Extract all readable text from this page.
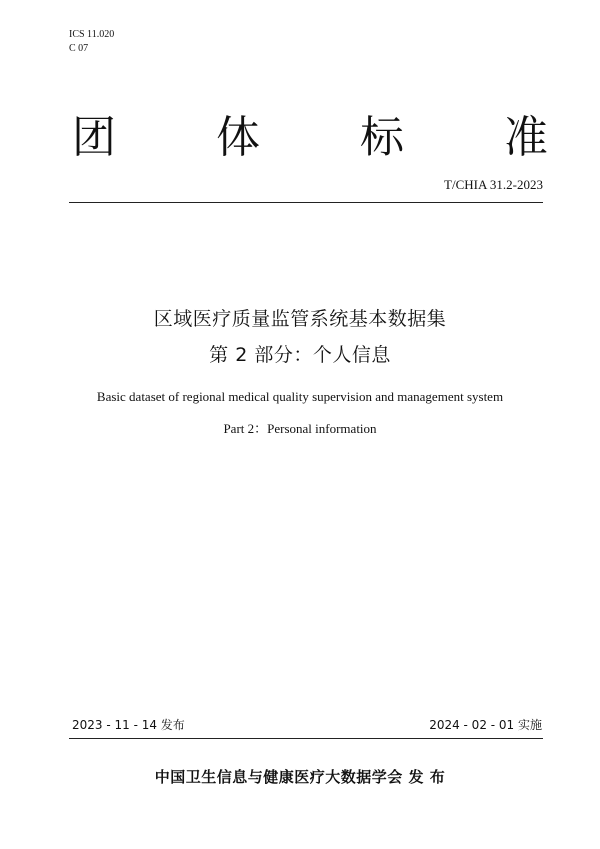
ICS 11.020
C 07
团 体 标 准
T/CHIA 31.2-2023
区域医疗质量监管系统基本数据集
第 2 部分：个人信息
Basic dataset of regional medical quality supervision and management system
Part 2：Personal information
2023 - 11 - 14 发布	2024 - 02 - 01 实施
中国卫生信息与健康医疗大数据学会 发 布
